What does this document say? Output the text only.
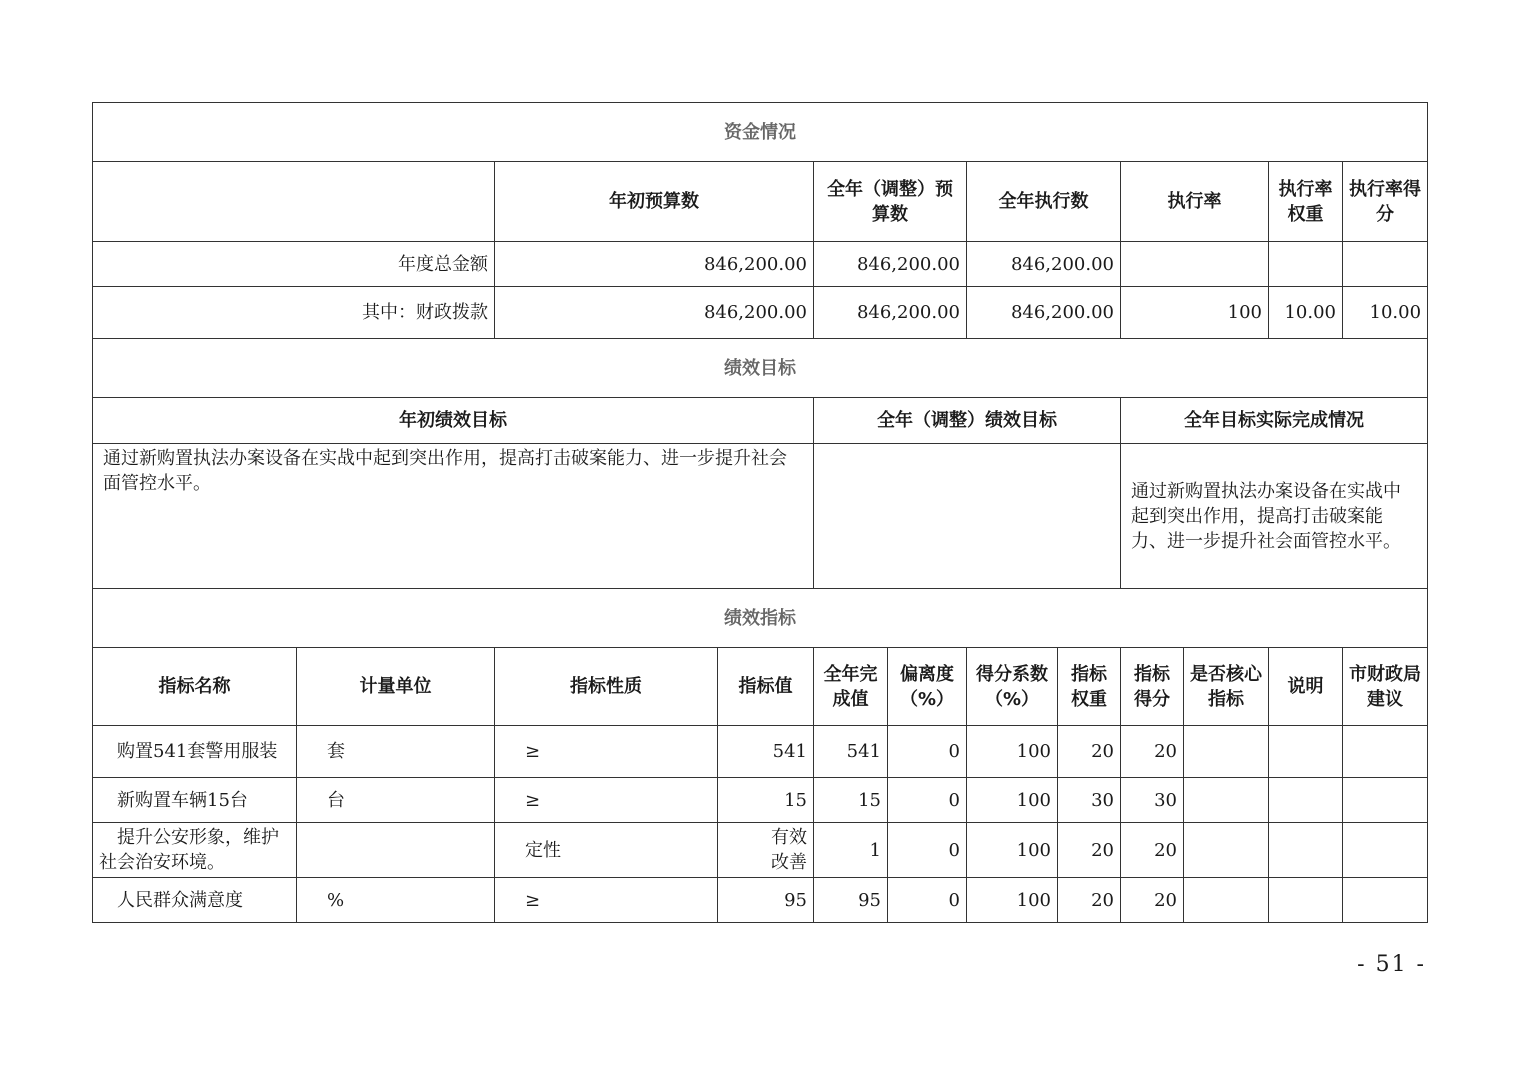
资金情况											
		年初预算数		全年（调整）预算数		全年执行数		执行率		执行率权重	执行率得分
年度总金额		846,200.00		846,200.00		846,200.00					
其中：财政拨款		846,200.00		846,200.00		846,200.00		100		10.00	10.00
绩效目标											
年初绩效目标				全年（调整）绩效目标				全年目标实际完成情况			
通过新购置执法办案设备在实战中起到突出作用，提高打击破案能力、进一步提升社会面管控水平。								通过新购置执法办案设备在实战中起到突出作用，提高打击破案能力、进一步提升社会面管控水平。			
绩效指标											
指标名称	计量单位	指标性质	指标值	全年完成值	偏离度（%）	得分系数（%）	指标权重	指标得分	是否核心指标	说明	市财政局建议
购置541套警用服装	套	≥	541	541	0	100	20	20			
新购置车辆15台	台	≥	15	15	0	100	30	30			
提升公安形象，维护社会治安环境。		定性	有效改善	1	0	100	20	20			
人民群众满意度	%	≥	95	95	0	100	20	20			
- 51 -
